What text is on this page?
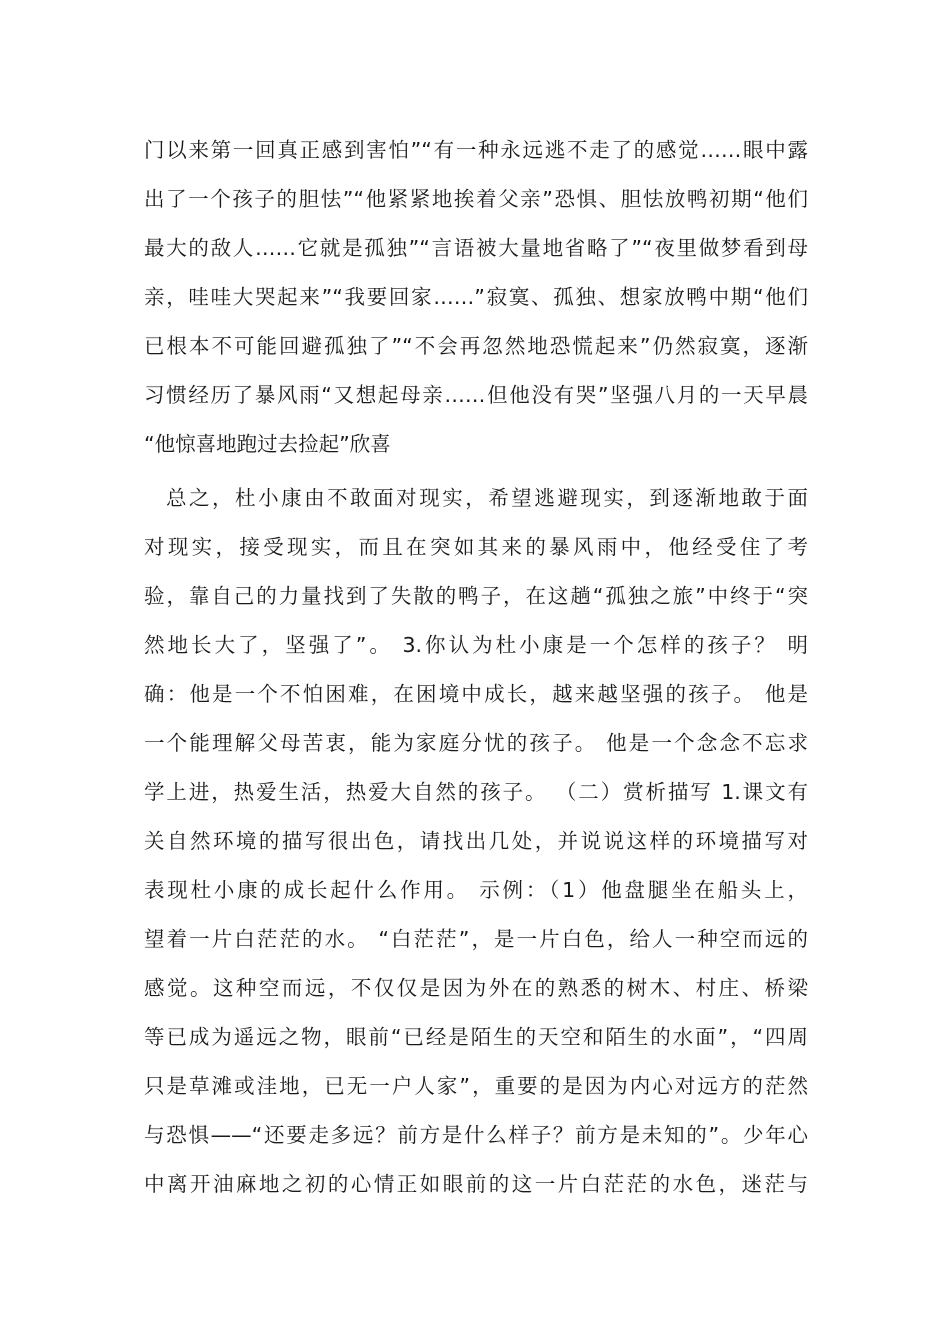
门以来第一回真正感到害怕”“有一种永远逃不走了的感觉……眼中露
出了一个孩子的胆怯”“他紧紧地挨着父亲”恐惧、胆怯放鸭初期“他们
最大的敌人……它就是孤独”“言语被大量地省略了”“夜里做梦看到母
亲，哇哇大哭起来”“我要回家……”寂寞、孤独、想家放鸭中期“他们
已根本不可能回避孤独了”“不会再忽然地恐慌起来”仍然寂寞，逐渐
习惯经历了暴风雨“又想起母亲……但他没有哭”坚强八月的一天早晨
“他惊喜地跑过去捡起”欣喜
总之，杜小康由不敢面对现实，希望逃避现实，到逐渐地敢于面
对现实，接受现实，而且在突如其来的暴风雨中，他经受住了考
验，靠自己的力量找到了失散的鸭子，在这趟“孤独之旅”中终于“突
然地长大了，坚强了”。 3.你认为杜小康是一个怎样的孩子？ 明
确：他是一个不怕困难，在困境中成长，越来越坚强的孩子。 他是
一个能理解父母苦衷，能为家庭分忧的孩子。 他是一个念念不忘求
学上进，热爱生活，热爱大自然的孩子。 （二）赏析描写 1.课文有
关自然环境的描写很出色，请找出几处，并说说这样的环境描写对
表现杜小康的成长起什么作用。 示例：（1）他盘腿坐在船头上，
望着一片白茫茫的水。 “白茫茫”，是一片白色，给人一种空而远的
感觉。这种空而远，不仅仅是因为外在的熟悉的树木、村庄、桥梁
等已成为遥远之物，眼前“已经是陌生的天空和陌生的水面”，“四周
只是草滩或洼地，已无一户人家”，重要的是因为内心对远方的茫然
与恐惧——“还要走多远？前方是什么样子？前方是未知的”。少年心
中离开油麻地之初的心情正如眼前的这一片白茫茫的水色，迷茫与
